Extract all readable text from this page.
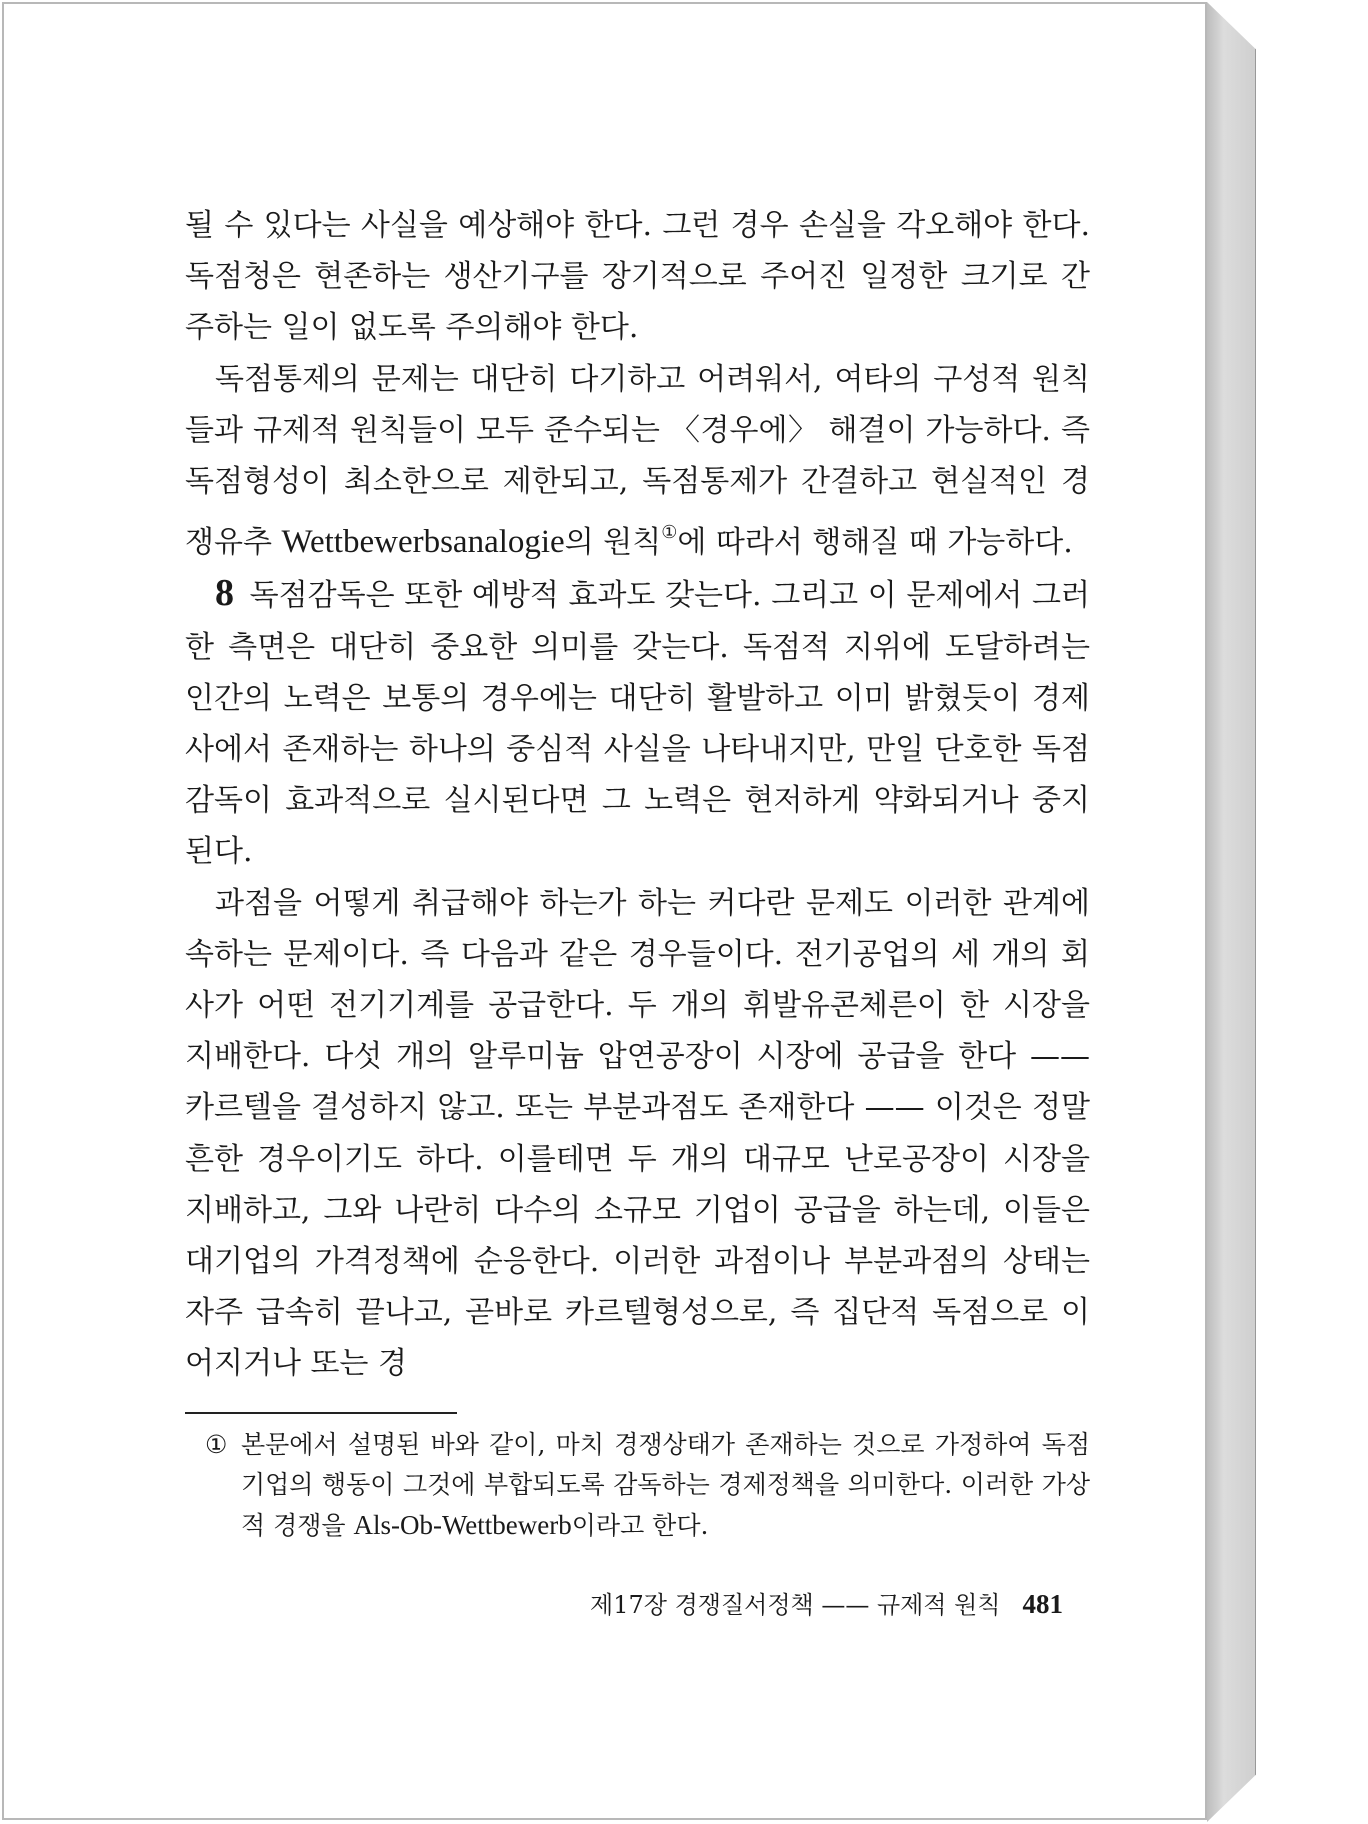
될 수 있다는 사실을 예상해야 한다. 그런 경우 손실을 각오해야 한다. 독점청은 현존하는 생산기구를 장기적으로 주어진 일정한 크기로 간주하는 일이 없도록 주의해야 한다.

독점통제의 문제는 대단히 다기하고 어려워서, 여타의 구성적 원칙들과 규제적 원칙들이 모두 준수되는 〈경우에〉 해결이 가능하다. 즉 독점형성이 최소한으로 제한되고, 독점통제가 간결하고 현실적인 경쟁유추 Wettbewerbsanalogie의 원칙①에 따라서 행해질 때 가능하다.

8 독점감독은 또한 예방적 효과도 갖는다. 그리고 이 문제에서 그러한 측면은 대단히 중요한 의미를 갖는다. 독점적 지위에 도달하려는 인간의 노력은 보통의 경우에는 대단히 활발하고 이미 밝혔듯이 경제사에서 존재하는 하나의 중심적 사실을 나타내지만, 만일 단호한 독점감독이 효과적으로 실시된다면 그 노력은 현저하게 약화되거나 중지된다.

과점을 어떻게 취급해야 하는가 하는 커다란 문제도 이러한 관계에 속하는 문제이다. 즉 다음과 같은 경우들이다. 전기공업의 세 개의 회사가 어떤 전기기계를 공급한다. 두 개의 휘발유콘체른이 한 시장을 지배한다. 다섯 개의 알루미늄 압연공장이 시장에 공급을 한다 —— 카르텔을 결성하지 않고. 또는 부분과점도 존재한다 —— 이것은 정말 흔한 경우이기도 하다. 이를테면 두 개의 대규모 난로공장이 시장을 지배하고, 그와 나란히 다수의 소규모 기업이 공급을 하는데, 이들은 대기업의 가격정책에 순응한다. 이러한 과점이나 부분과점의 상태는 자주 급속히 끝나고, 곧바로 카르텔형성으로, 즉 집단적 독점으로 이어지거나 또는 경

① 본문에서 설명된 바와 같이, 마치 경쟁상태가 존재하는 것으로 가정하여 독점기업의 행동이 그것에 부합되도록 감독하는 경제정책을 의미한다. 이러한 가상적 경쟁을 Als-Ob-Wettbewerb이라고 한다.
제17장 경쟁질서정책 —— 규제적 원칙 481
